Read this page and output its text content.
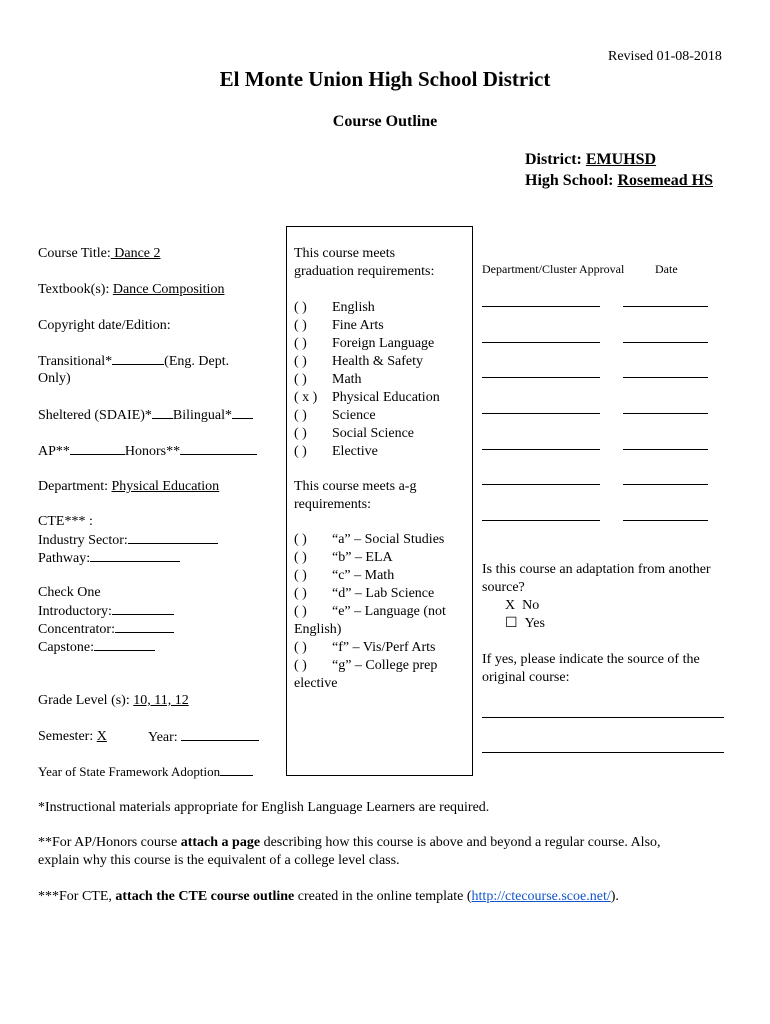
Revised 01-08-2018
El Monte Union High School District
Course Outline
District: EMUHSD
High School: Rosemead HS
Course Title: Dance 2
Textbook(s): Dance Composition
Copyright date/Edition:
Transitional*	(Eng. Dept.
Only)
Sheltered (SDAIE)* Bilingual*
AP**	Honors**
Department: Physical Education
CTE*** :
Industry Sector:
Pathway:
Check One
Introductory:
Concentrator:
Capstone:
Grade Level (s): 10, 11, 12
Semester: X	Year:
Year of State Framework Adoption
This course meets
graduation requirements:
( ) English
( ) Fine Arts
( ) Foreign Language
( ) Health & Safety
( ) Math
( x ) Physical Education
( ) Science
( ) Social Science
( ) Elective
This course meets a-g
requirements:
( ) “a” – Social Studies
( ) “b” – ELA
( ) “c” – Math
( ) “d” – Lab Science
( ) “e” – Language (not
English)
( ) “f” – Vis/Perf Arts
( ) “g” – College prep
elective
Department/Cluster Approval	Date
Is this course an adaptation from another
source?
X No
☐ Yes
If yes, please indicate the source of the
original course:
*Instructional materials appropriate for English Language Learners are required.
**For AP/Honors course attach a page describing how this course is above and beyond a regular course. Also,
explain why this course is the equivalent of a college level class.
***For CTE, attach the CTE course outline created in the online template (http://ctecourse.scoe.net/).
